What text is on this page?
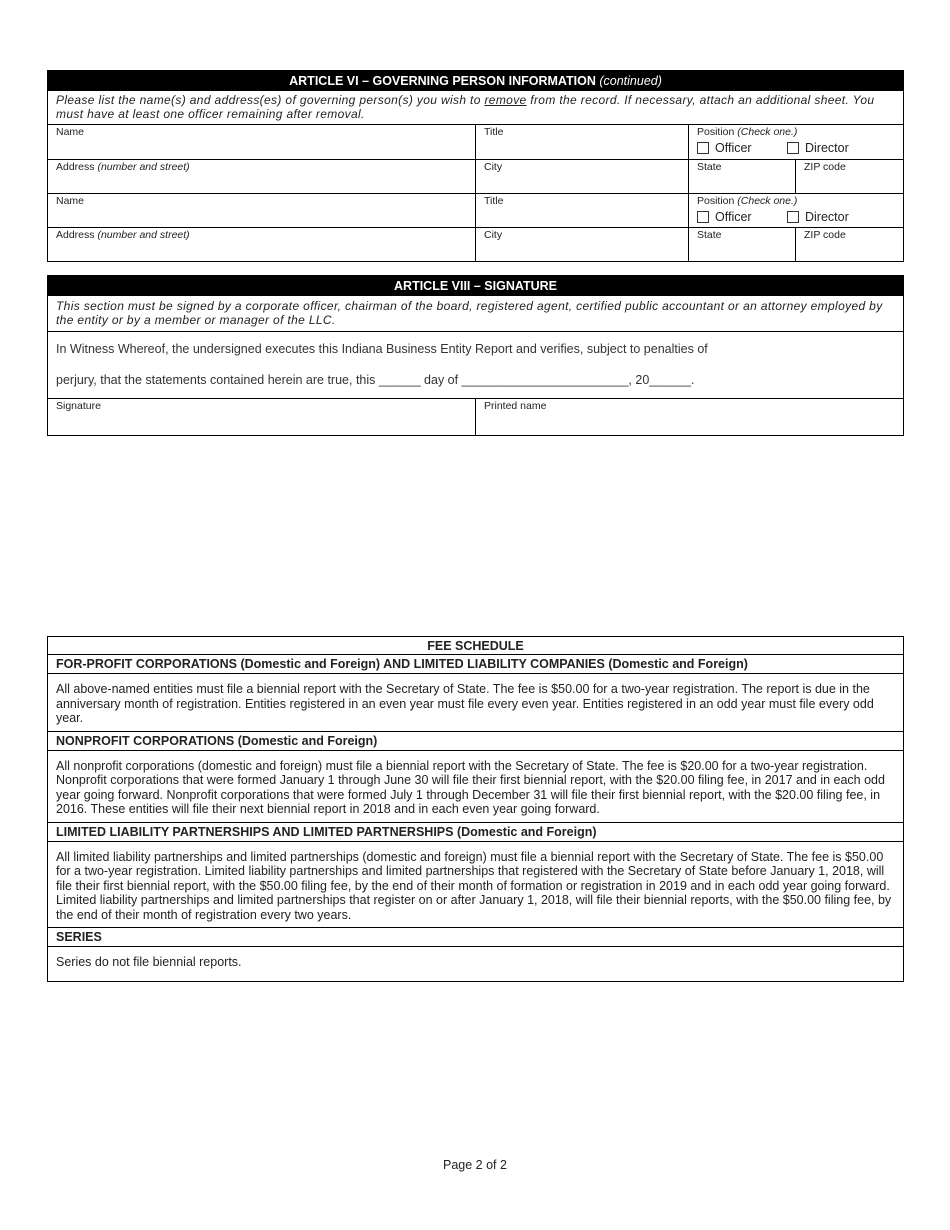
ARTICLE VI – GOVERNING PERSON INFORMATION (continued)			
Please list the name(s) and address(es) of governing person(s) you wish to remove from the record. If necessary, attach an additional sheet. You must have at least one officer remaining after removal.			
Name	Title	Position (Check one.)
Officer Director	

Address (number and street)	City	State	ZIP code
Name	Title	Position (Check one.)
Officer Director	

Address (number and street)	City	State	ZIP code
ARTICLE VIII – SIGNATURE
This section must be signed by a corporate officer, chairman of the board, registered agent, certified public accountant or an attorney employed by the entity or by a member or manager of the LLC.

In Witness Whereof, the undersigned executes this Indiana Business Entity Report and verifies, subject to penalties of
perjury, that the statements contained herein are true, this ______ day of ________________________, 20______.

Signature	Printed name
FEE SCHEDULE
FOR-PROFIT CORPORATIONS (Domestic and Foreign) AND LIMITED LIABILITY COMPANIES (Domestic and Foreign)
All above-named entities must file a biennial report with the Secretary of State. The fee is $50.00 for a two-year registration. The report is due in the anniversary month of registration. Entities registered in an even year must file every even year. Entities registered in an odd year must file every odd year.
NONPROFIT CORPORATIONS (Domestic and Foreign)
All nonprofit corporations (domestic and foreign) must file a biennial report with the Secretary of State. The fee is $20.00 for a two-year registration. Nonprofit corporations that were formed January 1 through June 30 will file their first biennial report, with the $20.00 filing fee, in 2017 and in each odd year going forward. Nonprofit corporations that were formed July 1 through December 31 will file their first biennial report, with the $20.00 filing fee, in 2016. These entities will file their next biennial report in 2018 and in each even year going forward.
LIMITED LIABILITY PARTNERSHIPS AND LIMITED PARTNERSHIPS (Domestic and Foreign)
All limited liability partnerships and limited partnerships (domestic and foreign) must file a biennial report with the Secretary of State. The fee is $50.00 for a two-year registration. Limited liability partnerships and limited partnerships that registered with the Secretary of State before January 1, 2018, will file their first biennial report, with the $50.00 filing fee, by the end of their month of formation or registration in 2019 and in each odd year going forward. Limited liability partnerships and limited partnerships that register on or after January 1, 2018, will file their biennial reports, with the $50.00 filing fee, by the end of their month of registration every two years.
SERIES
Series do not file biennial reports.
Page 2 of 2
